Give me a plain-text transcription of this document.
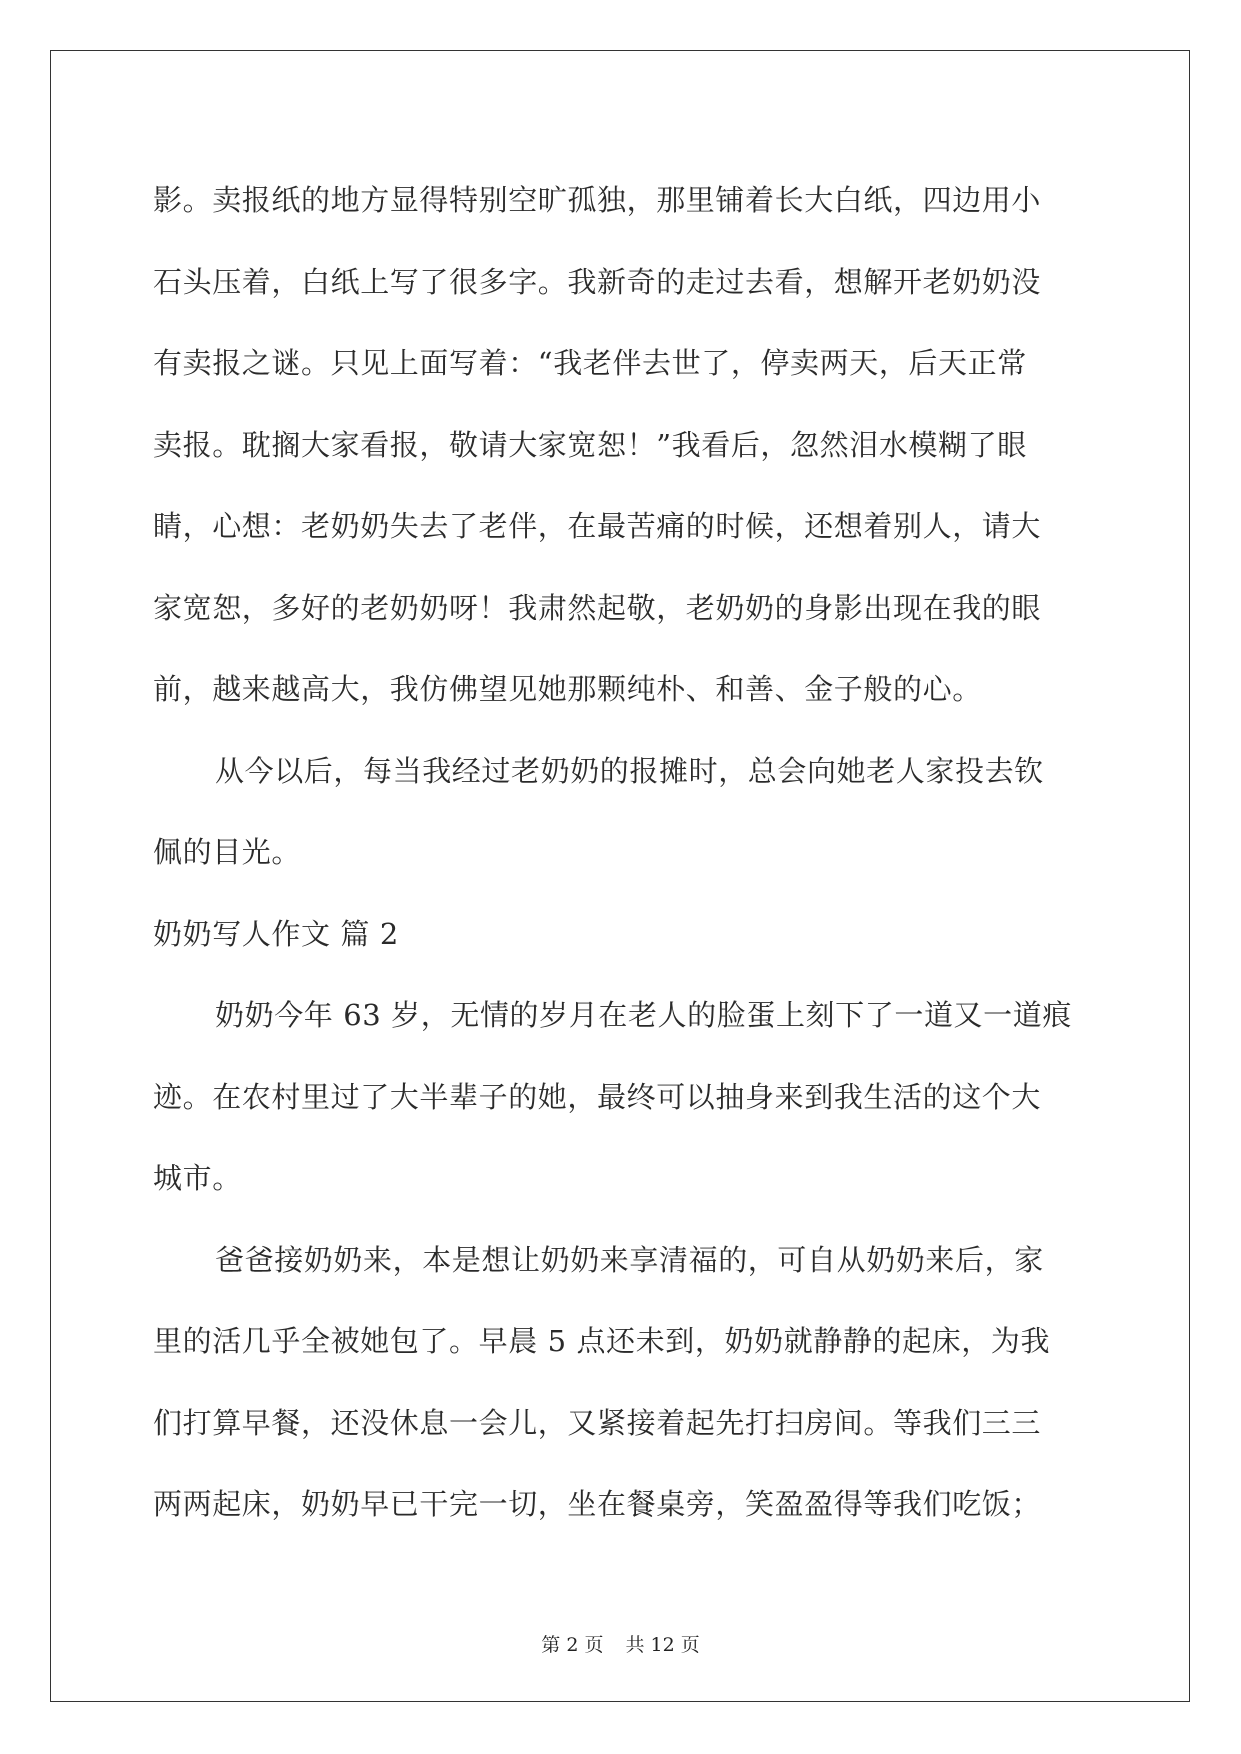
影。卖报纸的地方显得特别空旷孤独，那里铺着长大白纸，四边用小
石头压着，白纸上写了很多字。我新奇的走过去看，想解开老奶奶没
有卖报之谜。只见上面写着：“我老伴去世了，停卖两天，后天正常
卖报。耽搁大家看报，敬请大家宽恕！”我看后，忽然泪水模糊了眼
睛，心想：老奶奶失去了老伴，在最苦痛的时候，还想着别人，请大
家宽恕，多好的老奶奶呀！我肃然起敬，老奶奶的身影出现在我的眼
前，越来越高大，我仿佛望见她那颗纯朴、和善、金子般的心。
从今以后，每当我经过老奶奶的报摊时，总会向她老人家投去钦
佩的目光。
奶奶写人作文 篇 2
奶奶今年 63 岁，无情的岁月在老人的脸蛋上刻下了一道又一道痕
迹。在农村里过了大半辈子的她，最终可以抽身来到我生活的这个大
城市。
爸爸接奶奶来，本是想让奶奶来享清福的，可自从奶奶来后，家
里的活几乎全被她包了。早晨 5 点还未到，奶奶就静静的起床，为我
们打算早餐，还没休息一会儿，又紧接着起先打扫房间。等我们三三
两两起床，奶奶早已干完一切，坐在餐桌旁，笑盈盈得等我们吃饭；
第 2 页 共 12 页
